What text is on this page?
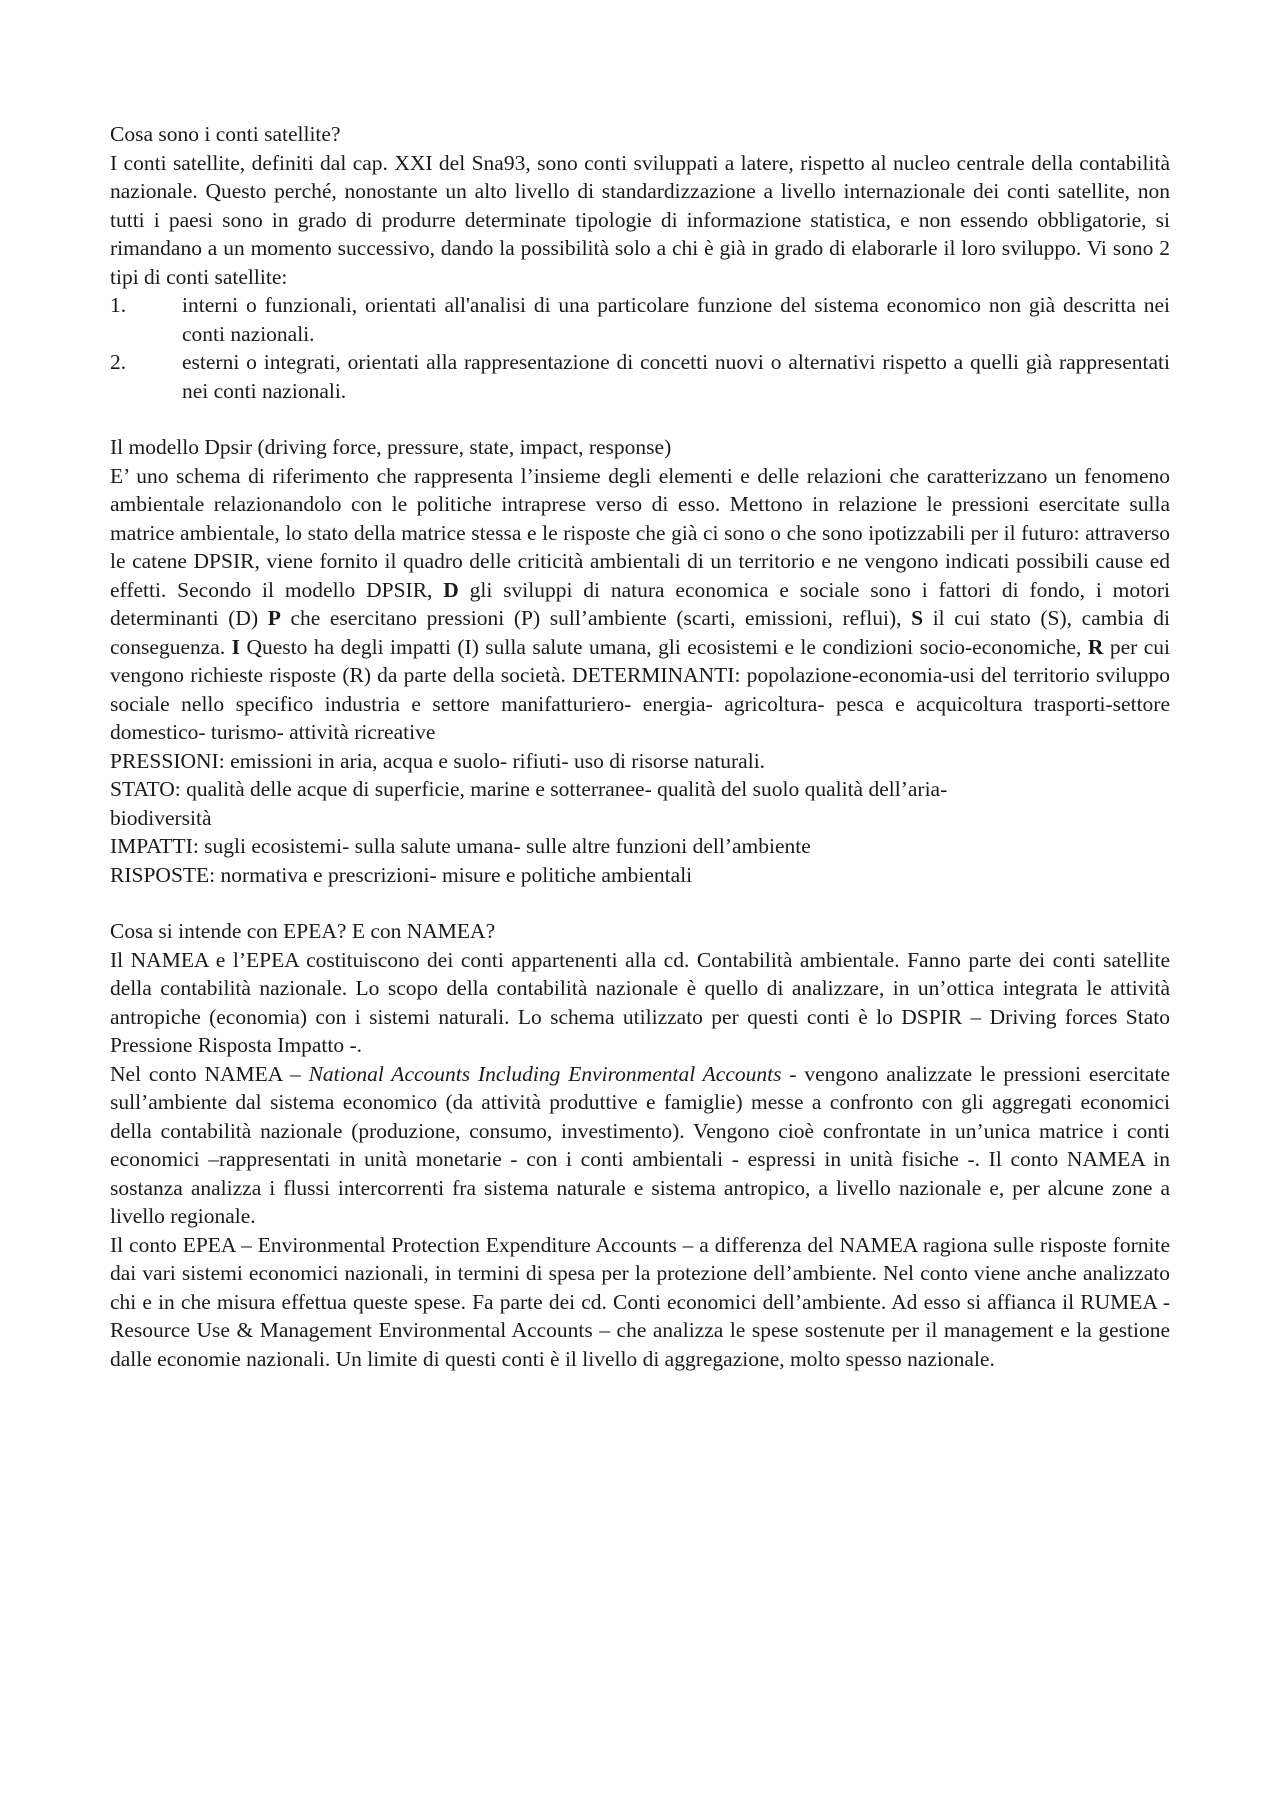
Cosa sono i conti satellite?

I conti satellite, definiti dal cap. XXI del Sna93, sono conti sviluppati a latere, rispetto al nucleo centrale della contabilità nazionale. Questo perché, nonostante un alto livello di standardizzazione a livello internazionale dei conti satellite, non tutti i paesi sono in grado di produrre determinate tipologie di informazione statistica, e non essendo obbligatorie, si rimandano a un momento successivo, dando la possibilità solo a chi è già in grado di elaborarle il loro sviluppo. Vi sono 2 tipi di conti satellite:

1.	interni o funzionali, orientati all'analisi di una particolare funzione del sistema economico non già descritta nei conti nazionali.
2.	esterni o integrati, orientati alla rappresentazione di concetti nuovi o alternativi rispetto a quelli già rappresentati nei conti nazionali.

Il modello Dpsir (driving force, pressure, state, impact, response)

E’ uno schema di riferimento che rappresenta l’insieme degli elementi e delle relazioni che caratterizzano un fenomeno ambientale relazionandolo con le politiche intraprese verso di esso. Mettono in relazione le pressioni esercitate sulla matrice ambientale, lo stato della matrice stessa e le risposte che già ci sono o che sono ipotizzabili per il futuro: attraverso le catene DPSIR, viene fornito il quadro delle criticità ambientali di un territorio e ne vengono indicati possibili cause ed effetti. Secondo il modello DPSIR, D gli sviluppi di natura economica e sociale sono i fattori di fondo, i motori determinanti (D) P che esercitano pressioni (P) sull’ambiente (scarti, emissioni, reflui), S il cui stato (S), cambia di conseguenza. I Questo ha degli impatti (I) sulla salute umana, gli ecosistemi e le condizioni socio-economiche, R per cui vengono richieste risposte (R) da parte della società. DETERMINANTI: popolazione-economia-usi del territorio sviluppo sociale nello specifico industria e settore manifatturiero- energia- agricoltura- pesca e acquicoltura trasporti-settore domestico- turismo- attività ricreative

PRESSIONI: emissioni in aria, acqua e suolo- rifiuti- uso di risorse naturali.

STATO: qualità delle acque di superficie, marine e sotterranee- qualità del suolo qualità dell’aria-

biodiversità

IMPATTI: sugli ecosistemi- sulla salute umana- sulle altre funzioni dell’ambiente

RISPOSTE: normativa e prescrizioni- misure e politiche ambientali

Cosa si intende con EPEA? E con NAMEA?

Il NAMEA e l’EPEA costituiscono dei conti appartenenti alla cd. Contabilità ambientale. Fanno parte dei conti satellite della contabilità nazionale. Lo scopo della contabilità nazionale è quello di analizzare, in un’ottica integrata le attività antropiche (economia) con i sistemi naturali. Lo schema utilizzato per questi conti è lo DSPIR – Driving forces Stato Pressione Risposta Impatto -.

Nel conto NAMEA – National Accounts Including Environmental Accounts - vengono analizzate le pressioni esercitate sull’ambiente dal sistema economico (da attività produttive e famiglie) messe a confronto con gli aggregati economici della contabilità nazionale (produzione, consumo, investimento). Vengono cioè confrontate in un’unica matrice i conti economici –rappresentati in unità monetarie - con i conti ambientali - espressi in unità fisiche -. Il conto NAMEA in sostanza analizza i flussi intercorrenti fra sistema naturale e sistema antropico, a livello nazionale e, per alcune zone a livello regionale.

Il conto EPEA – Environmental Protection Expenditure Accounts – a differenza del NAMEA ragiona sulle risposte fornite dai vari sistemi economici nazionali, in termini di spesa per la protezione dell’ambiente. Nel conto viene anche analizzato chi e in che misura effettua queste spese. Fa parte dei cd. Conti economici dell’ambiente. Ad esso si affianca il RUMEA - Resource Use & Management Environmental Accounts – che analizza le spese sostenute per il management e la gestione dalle economie nazionali. Un limite di questi conti è il livello di aggregazione, molto spesso nazionale.
